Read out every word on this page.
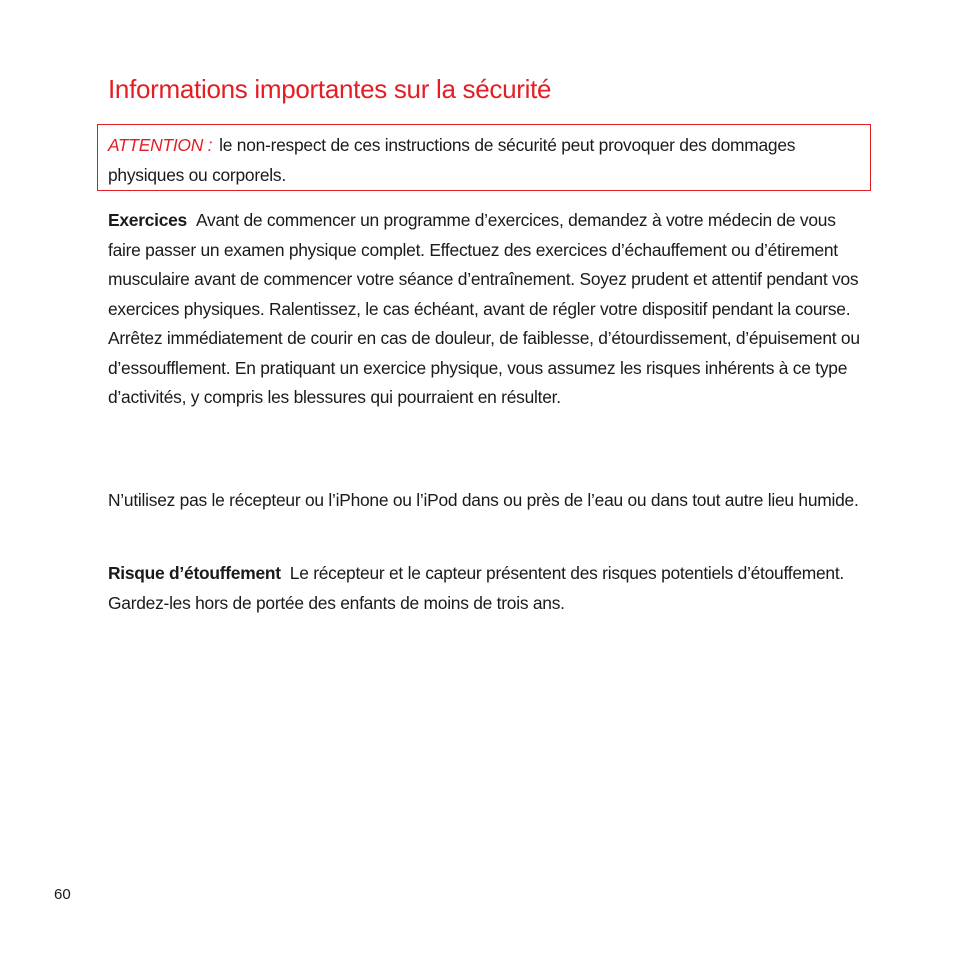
Informations importantes sur la sécurité
ATTENTION : le non-respect de ces instructions de sécurité peut provoquer des dommages physiques ou corporels.

Exercices Avant de commencer un programme d’exercices, demandez à votre médecin de vous faire passer un examen physique complet. Effectuez des exercices d’échauffement ou d’étirement musculaire avant de commencer votre séance d’entraînement. Soyez prudent et attentif pendant vos exercices physiques. Ralentissez, le cas échéant, avant de régler votre dispositif pendant la course. Arrêtez immédiatement de courir en cas de douleur, de faiblesse, d’étourdissement, d’épuisement ou d’essoufflement. En pratiquant un exercice physique, vous assumez les risques inhérents à ce type d’activités, y compris les blessures qui pourraient en résulter.

N’utilisez pas le récepteur ou l’iPhone ou l’iPod dans ou près de l’eau ou dans tout autre lieu humide.

Risque d’étouffement Le récepteur et le capteur présentent des risques potentiels d’étouffement. Gardez-les hors de portée des enfants de moins de trois ans.

60
